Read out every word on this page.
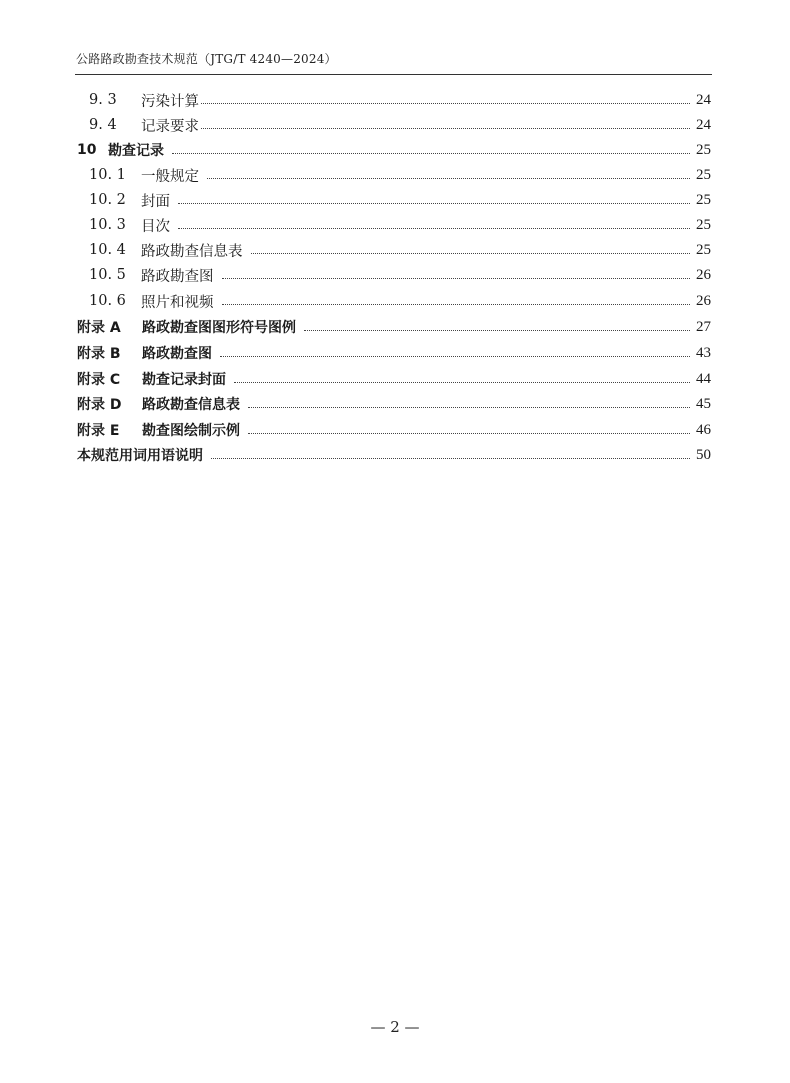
公路路政勘查技术规范（JTG/T 4240—2024）
9. 3	污染计算	24
9. 4	记录要求	24
10 勘查记录	25
10. 1	一般规定	25
10. 2	封面	25
10. 3	目次	25
10. 4	路政勘查信息表	25
10. 5	路政勘查图	26
10. 6	照片和视频	26
附录 A	路政勘查图图形符号图例	27
附录 B	路政勘查图	43
附录 C	勘查记录封面	44
附录 D	路政勘查信息表	45
附录 E	勘查图绘制示例	46
本规范用词用语说明	50
— 2 —
